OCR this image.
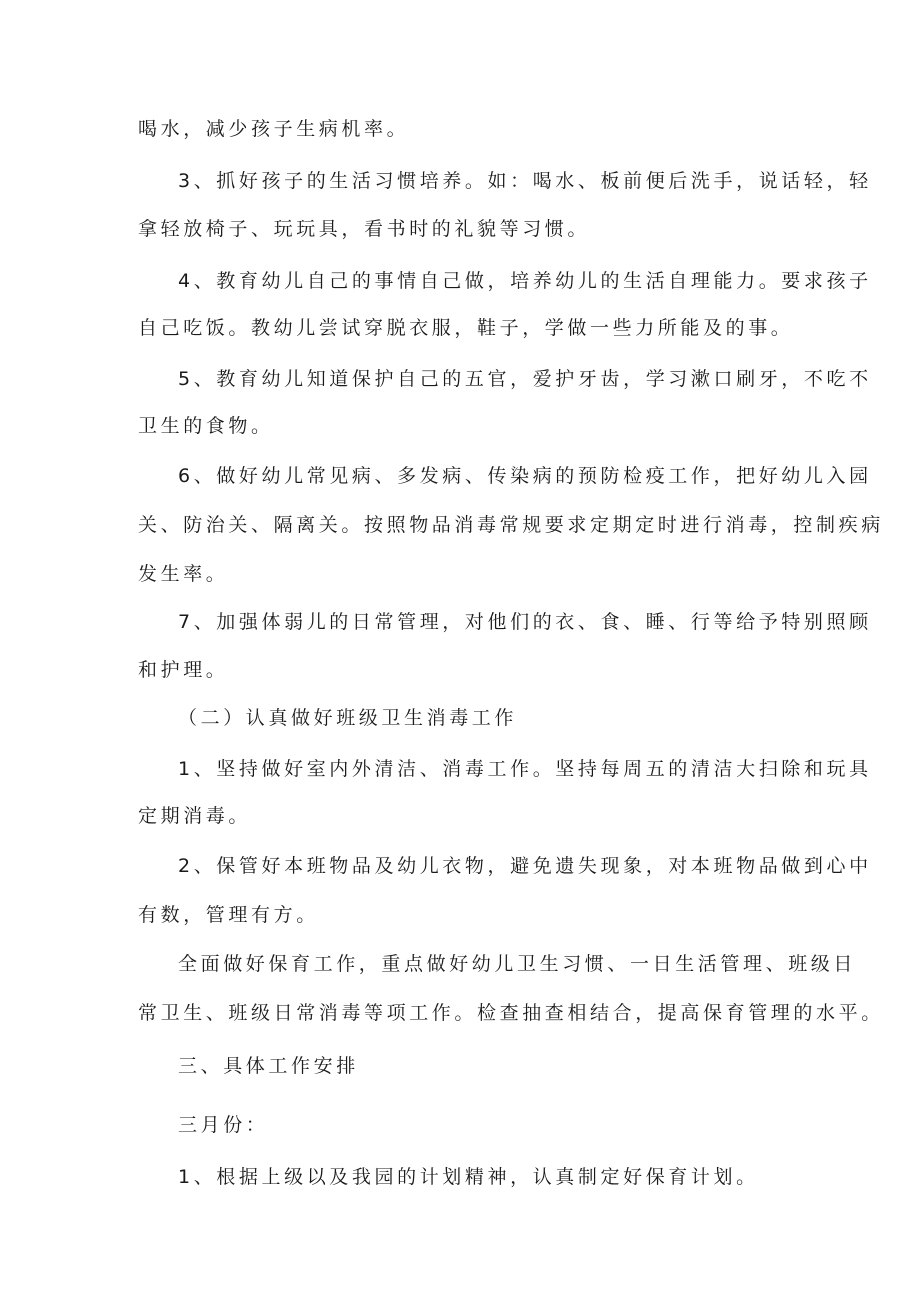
喝水，减少孩子生病机率。

3、抓好孩子的生活习惯培养。如：喝水、板前便后洗手，说话轻，轻

拿轻放椅子、玩玩具，看书时的礼貌等习惯。

4、教育幼儿自己的事情自己做，培养幼儿的生活自理能力。要求孩子

自己吃饭。教幼儿尝试穿脱衣服，鞋子，学做一些力所能及的事。

5、教育幼儿知道保护自己的五官，爱护牙齿，学习漱口刷牙，不吃不

卫生的食物。

6、做好幼儿常见病、多发病、传染病的预防检疫工作，把好幼儿入园

关、防治关、隔离关。按照物品消毒常规要求定期定时进行消毒，控制疾病

发生率。

7、加强体弱儿的日常管理，对他们的衣、食、睡、行等给予特别照顾

和护理。

（二）认真做好班级卫生消毒工作

1、坚持做好室内外清洁、消毒工作。坚持每周五的清洁大扫除和玩具

定期消毒。

2、保管好本班物品及幼儿衣物，避免遗失现象，对本班物品做到心中

有数，管理有方。

全面做好保育工作，重点做好幼儿卫生习惯、一日生活管理、班级日

常卫生、班级日常消毒等项工作。检查抽查相结合，提高保育管理的水平。

三、具体工作安排

三月份：

1、根据上级以及我园的计划精神，认真制定好保育计划。
